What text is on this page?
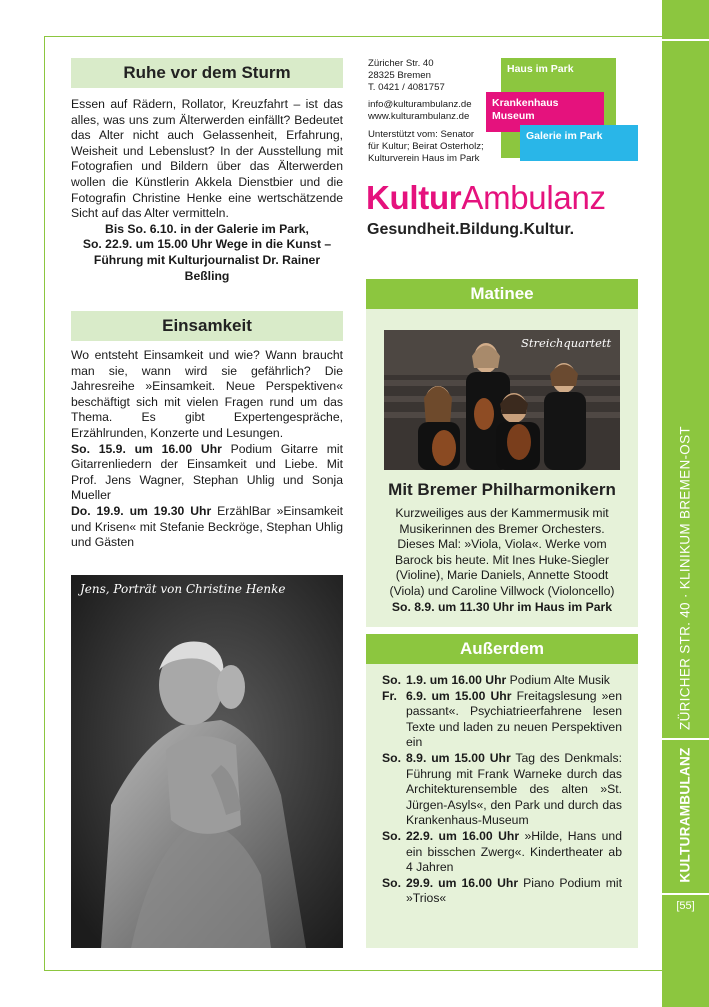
ZÜRICHER STR. 40 · KLINIKUM BREMEN-OST
KULTURAMBULANZ
[55]
Ruhe vor dem Sturm

Essen auf Rädern, Rollator, Kreuzfahrt – ist das alles, was uns zum Älterwerden einfällt? Bedeutet das Alter nicht auch Gelassenheit, Erfahrung, Weisheit und Lebenslust? In der Ausstellung mit Fotografien und Bildern über das Älterwerden wollen die Künstlerin Akkela Dienstbier und die Fotografin Christine Henke eine wertschätzende Sicht auf das Alter vermitteln.

Bis So. 6.10. in der Galerie im Park,

So. 22.9. um 15.00 Uhr Wege in die Kunst –

Führung mit Kulturjournalist Dr. Rainer Beßling

Einsamkeit

Wo entsteht Einsamkeit und wie? Wann braucht man sie, wann wird sie gefährlich? Die Jahresreihe »Einsamkeit. Neue Perspektiven« beschäftigt sich mit vielen Fragen rund um das Thema. Es gibt Expertengespräche, Erzählrunden, Konzerte und Lesungen.

So. 15.9. um 16.00 Uhr Podium Gitarre mit Gitarrenliedern der Einsamkeit und Liebe. Mit Prof. Jens Wagner, Stephan Uhlig und Sonja Mueller

Do. 19.9. um 19.30 Uhr ErzählBar »Einsamkeit und Krisen« mit Stefanie Beckröge, Stephan Uhlig und Gästen

Jens, Porträt von Christine Henke
Züricher Str. 40
28325 Bremen
T. 0421 / 4081757
info@kulturambulanz.de
www.kulturambulanz.de
Unterstützt vom: Senator
für Kultur; Beirat Osterholz;
Kulturverein Haus im Park
Haus im Park
Krankenhaus Museum
Galerie im Park
KulturAmbulanz
Gesundheit.Bildung.Kultur.
Matinee
Streichquartett
Mit Bremer Philharmonikern

Kurzweiliges aus der Kammermusik mit Musikerinnen des Bremer Orchesters. Dieses Mal: »Viola, Viola«. Werke vom Barock bis heute. Mit Ines Huke-Siegler (Violine), Marie Daniels, Annette Stoodt (Viola) und Caroline Villwock (Violoncello)

So. 8.9. um 11.30 Uhr im Haus im Park

Außerdem
So. 1.9. um 16.00 Uhr Podium Alte Musik
Fr. 6.9. um 15.00 Uhr Freitagslesung »en passant«. Psychiatrieerfahrene lesen Texte und laden zu neuen Perspektiven ein
So. 8.9. um 15.00 Uhr Tag des Denkmals: Führung mit Frank Warneke durch das Architekturensemble des alten »St. Jürgen-Asyls«, den Park und durch das Krankenhaus-Museum
So. 22.9. um 16.00 Uhr »Hilde, Hans und ein bisschen Zwerg«. Kindertheater ab 4 Jahren
So. 29.9. um 16.00 Uhr Piano Podium mit »Trios«
